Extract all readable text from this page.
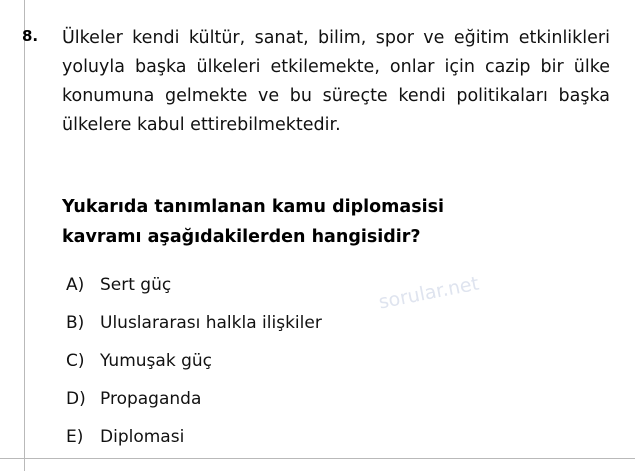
sorular.net
8. Ülkeler kendi kültür, sanat, bilim, spor ve eğitim etkinlikleri yoluyla başka ülkeleri etkilemekte, onlar için cazip bir ülke konumuna gelmekte ve bu süreçte kendi politikaları başka ülkelere kabul ettirebilmektedir.
Yukarıda tanımlanan kamu diplomasisi
kavramı aşağıdakilerden hangisidir?
A) Sert güç
B) Uluslararası halkla ilişkiler
C) Yumuşak güç
D) Propaganda
E) Diplomasi
